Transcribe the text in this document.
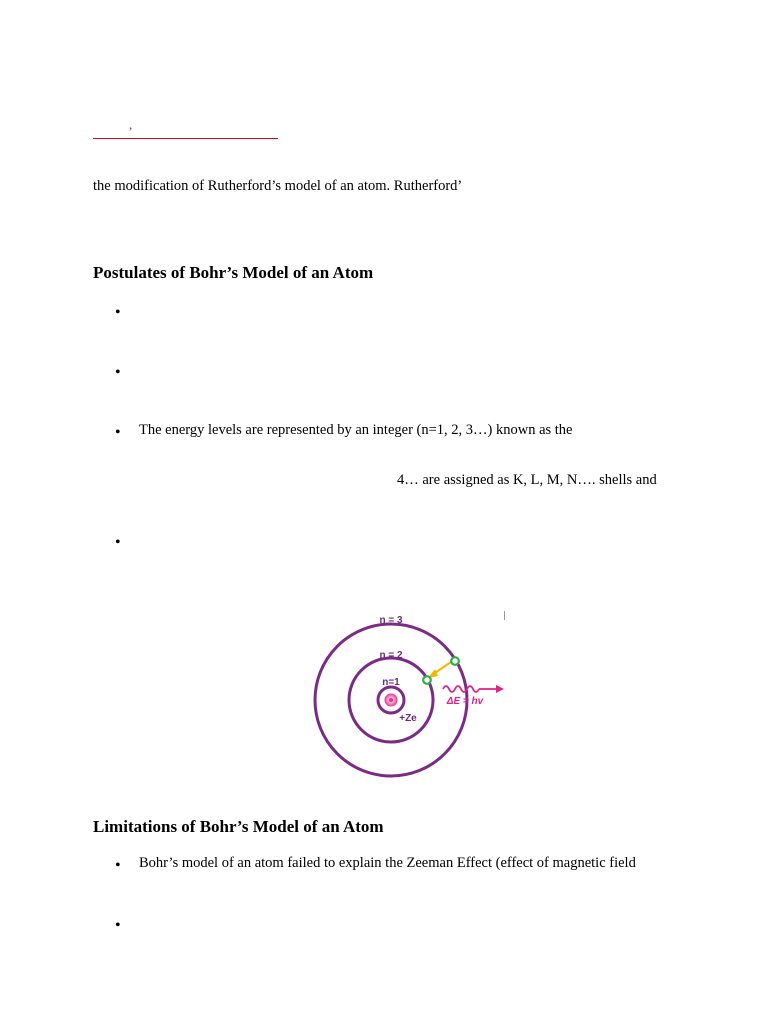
,
the modification of Rutherford’s model of an atom. Rutherford’
Postulates of Bohr’s Model of an Atom
•
•
• The energy levels are represented by an integer (n=1, 2, 3…) known as the
4… are assigned as K, L, M, N…. shells and
•
n = 3
n = 2
n=1
+Ze
ΔE = hv
Limitations of Bohr’s Model of an Atom
• Bohr’s model of an atom failed to explain the Zeeman Effect (effect of magnetic field
•
